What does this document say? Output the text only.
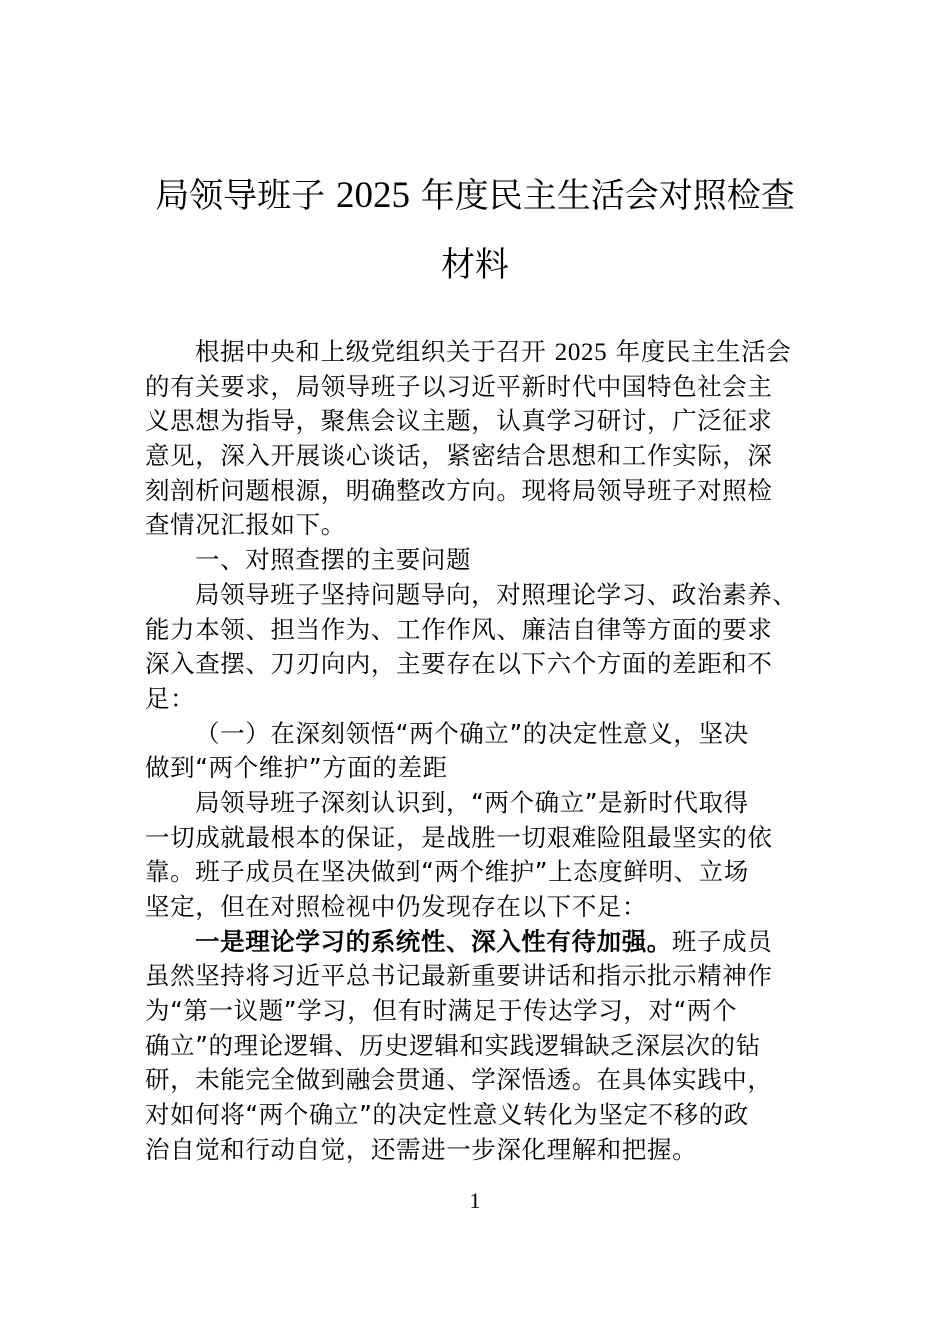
局领导班子 2025 年度民主生活会对照检查
材料
根据中央和上级党组织关于召开 2025 年度民主生活会
的有关要求，局领导班子以习近平新时代中国特色社会主
义思想为指导，聚焦会议主题，认真学习研讨，广泛征求
意见，深入开展谈心谈话，紧密结合思想和工作实际，深
刻剖析问题根源，明确整改方向。现将局领导班子对照检
查情况汇报如下。
一、对照查摆的主要问题
局领导班子坚持问题导向，对照理论学习、政治素养、
能力本领、担当作为、工作作风、廉洁自律等方面的要求
深入查摆、刀刃向内，主要存在以下六个方面的差距和不
足：
（一）在深刻领悟“两个确立”的决定性意义，坚决
做到“两个维护”方面的差距
局领导班子深刻认识到，“两个确立”是新时代取得
一切成就最根本的保证，是战胜一切艰难险阻最坚实的依
靠。班子成员在坚决做到“两个维护”上态度鲜明、立场
坚定，但在对照检视中仍发现存在以下不足：
一是理论学习的系统性、深入性有待加强。班子成员
虽然坚持将习近平总书记最新重要讲话和指示批示精神作
为“第一议题”学习，但有时满足于传达学习，对“两个
确立”的理论逻辑、历史逻辑和实践逻辑缺乏深层次的钻
研，未能完全做到融会贯通、学深悟透。在具体实践中，
对如何将“两个确立”的决定性意义转化为坚定不移的政
治自觉和行动自觉，还需进一步深化理解和把握。
1
